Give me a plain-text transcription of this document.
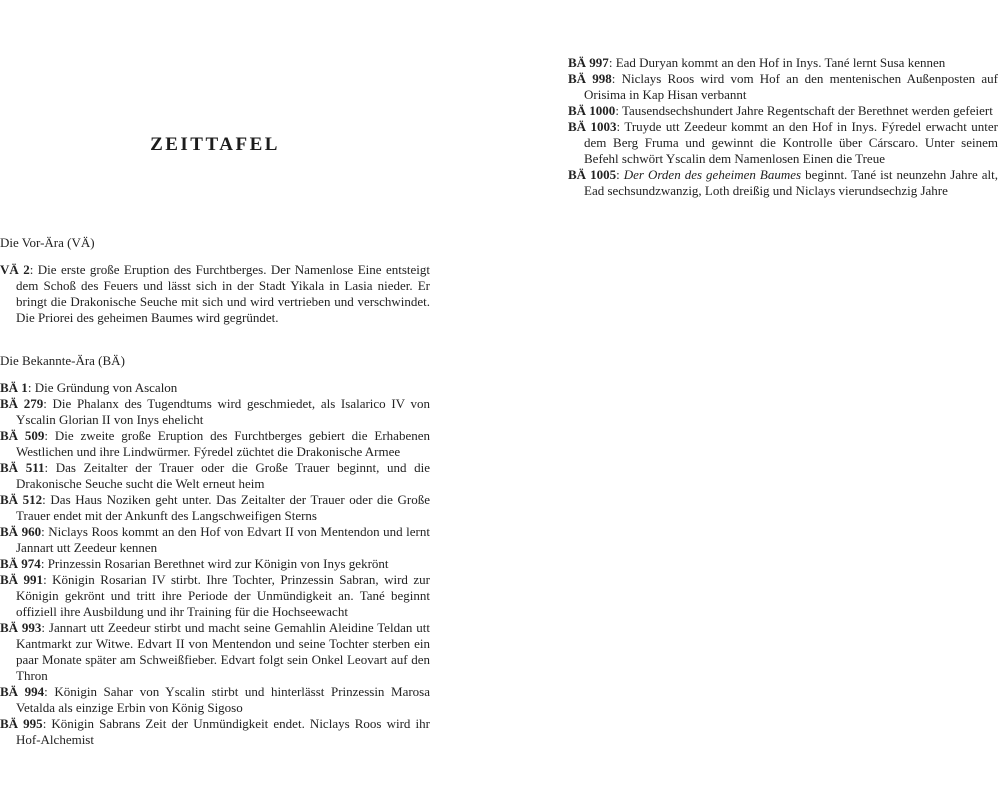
ZEITTAFEL

Die Vor-Ära (VÄ)

VÄ 2: Die erste große Eruption des Furchtberges. Der Namenlose Eine entsteigt dem Schoß des Feuers und lässt sich in der Stadt Yikala in Lasia nieder. Er bringt die Drakonische Seuche mit sich und wird vertrieben und verschwindet. Die Priorei des geheimen Baumes wird gegründet.

Die Bekannte-Ära (BÄ)

BÄ 1: Die Gründung von Ascalon

BÄ 279: Die Phalanx des Tugendtums wird geschmiedet, als Isalarico IV von Yscalin Glorian II von Inys ehelicht

BÄ 509: Die zweite große Eruption des Furchtberges gebiert die Erhabenen Westlichen und ihre Lindwürmer. Fýredel züchtet die Drakonische Armee

BÄ 511: Das Zeitalter der Trauer oder die Große Trauer beginnt, und die Drakonische Seuche sucht die Welt erneut heim

BÄ 512: Das Haus Noziken geht unter. Das Zeitalter der Trauer oder die Große Trauer endet mit der Ankunft des Langschweifigen Sterns

BÄ 960: Niclays Roos kommt an den Hof von Edvart II von Mentendon und lernt Jannart utt Zeedeur kennen

BÄ 974: Prinzessin Rosarian Berethnet wird zur Königin von Inys gekrönt

BÄ 991: Königin Rosarian IV stirbt. Ihre Tochter, Prinzessin Sabran, wird zur Königin gekrönt und tritt ihre Periode der Unmündigkeit an. Tané beginnt offiziell ihre Ausbildung und ihr Training für die Hochseewacht

BÄ 993: Jannart utt Zeedeur stirbt und macht seine Gemahlin Aleidine Teldan utt Kantmarkt zur Witwe. Edvart II von Mentendon und seine Tochter sterben ein paar Monate später am Schweißfieber. Edvart folgt sein Onkel Leovart auf den Thron

BÄ 994: Königin Sahar von Yscalin stirbt und hinterlässt Prinzessin Marosa Vetalda als einzige Erbin von König Sigoso

BÄ 995: Königin Sabrans Zeit der Unmündigkeit endet. Niclays Roos wird ihr Hof-Alchemist

BÄ 997: Ead Duryan kommt an den Hof in Inys. Tané lernt Susa kennen

BÄ 998: Niclays Roos wird vom Hof an den mentenischen Außenposten auf Orisima in Kap Hisan verbannt

BÄ 1000: Tausendsechshundert Jahre Regentschaft der Berethnet werden gefeiert

BÄ 1003: Truyde utt Zeedeur kommt an den Hof in Inys. Fýredel erwacht unter dem Berg Fruma und gewinnt die Kontrolle über Cárscaro. Unter seinem Befehl schwört Yscalin dem Namenlosen Einen die Treue

BÄ 1005: Der Orden des geheimen Baumes beginnt. Tané ist neunzehn Jahre alt, Ead sechsundzwanzig, Loth dreißig und Niclays vierundsechzig Jahre
